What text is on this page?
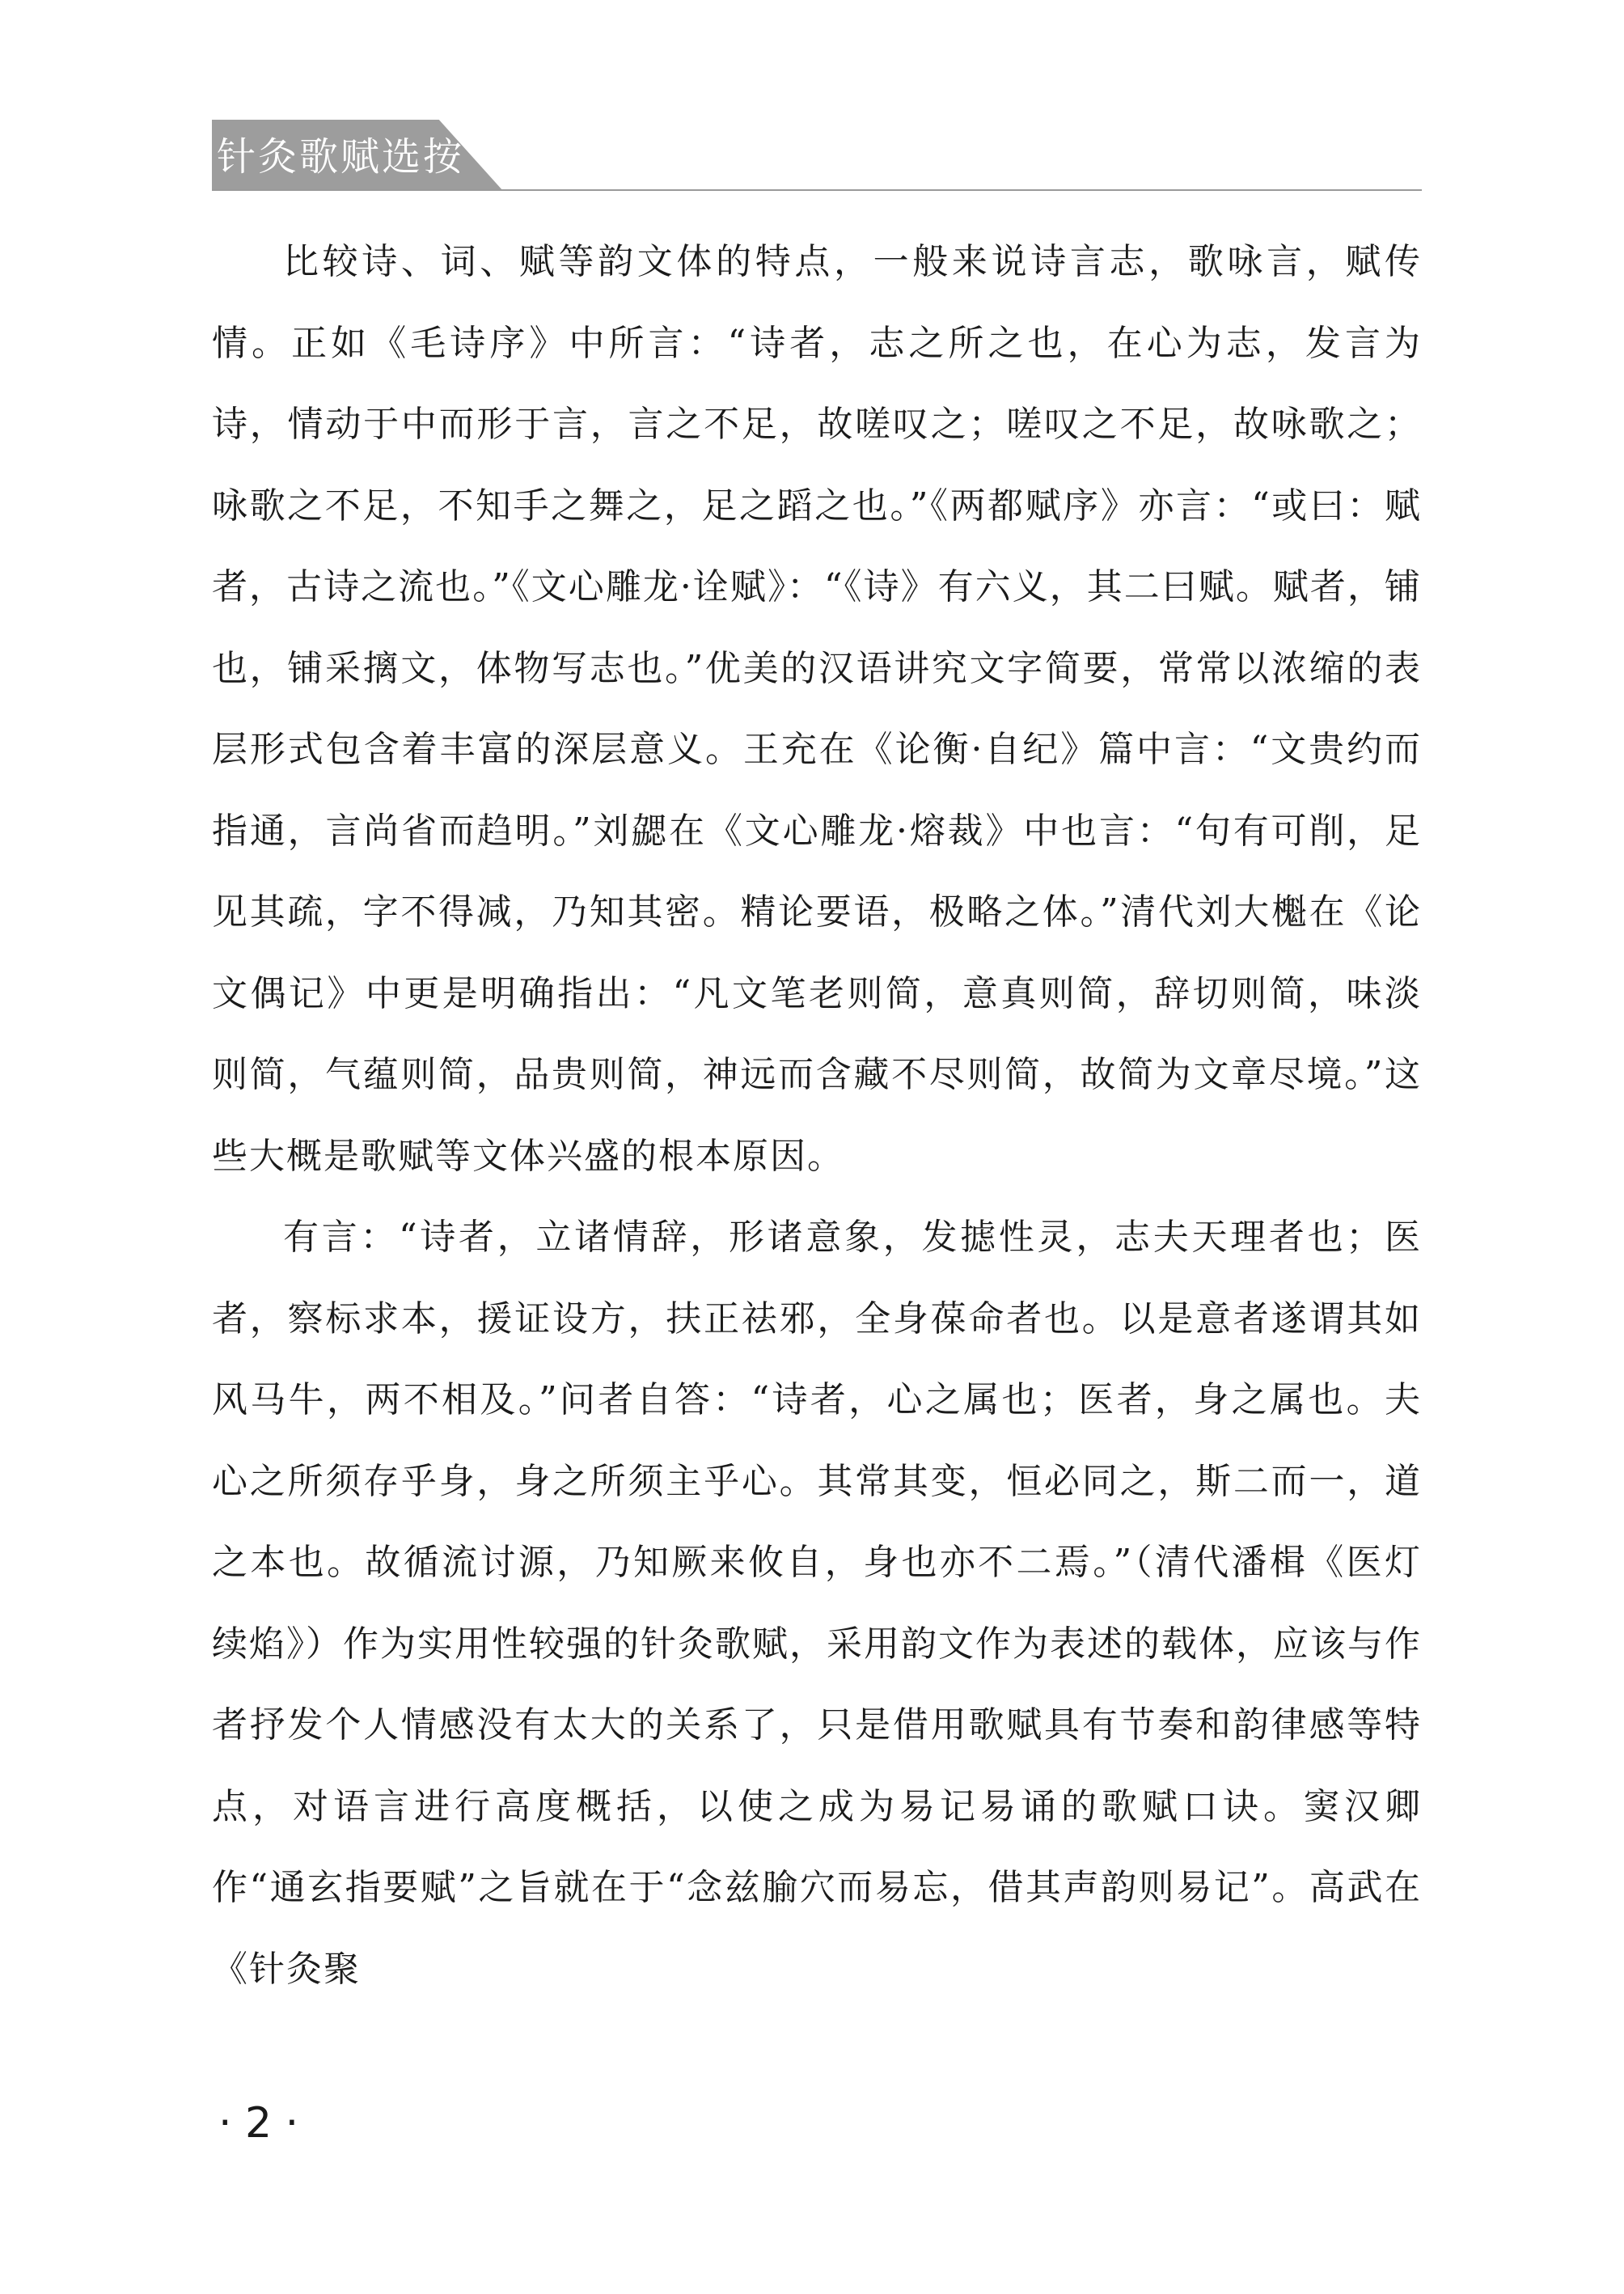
针灸歌赋选按

比较诗、词、赋等韵文体的特点，一般来说诗言志，歌咏言，赋传情。正如《毛诗序》中所言：“诗者，志之所之也，在心为志，发言为诗，情动于中而形于言，言之不足，故嗟叹之；嗟叹之不足，故咏歌之；咏歌之不足，不知手之舞之，足之蹈之也。”《两都赋序》亦言：“或曰：赋者，古诗之流也。”《文心雕龙·诠赋》：“《诗》有六义，其二曰赋。赋者，铺也，铺采摛文，体物写志也。”优美的汉语讲究文字简要，常常以浓缩的表层形式包含着丰富的深层意义。王充在《论衡·自纪》篇中言：“文贵约而指通，言尚省而趋明。”刘勰在《文心雕龙·熔裁》中也言：“句有可削，足见其疏，字不得减，乃知其密。精论要语，极略之体。”清代刘大櫆在《论文偶记》中更是明确指出：“凡文笔老则简，意真则简，辞切则简，味淡则简，气蕴则简，品贵则简，神远而含藏不尽则简，故简为文章尽境。”这些大概是歌赋等文体兴盛的根本原因。

有言：“诗者，立诸情辞，形诸意象，发摅性灵，志夫天理者也；医者，察标求本，援证设方，扶正祛邪，全身葆命者也。以是意者遂谓其如风马牛，两不相及。”问者自答：“诗者，心之属也；医者，身之属也。夫心之所须存乎身，身之所须主乎心。其常其变，恒必同之，斯二而一，道之本也。故循流讨源，乃知厥来攸自，身也亦不二焉。”（清代潘楫《医灯续焰》）作为实用性较强的针灸歌赋，采用韵文作为表述的载体，应该与作者抒发个人情感没有太大的关系了，只是借用歌赋具有节奏和韵律感等特点，对语言进行高度概括，以使之成为易记易诵的歌赋口诀。窦汉卿作“通玄指要赋”之旨就在于“念兹腧穴而易忘，借其声韵则易记”。高武在《针灸聚

· 2 ·
